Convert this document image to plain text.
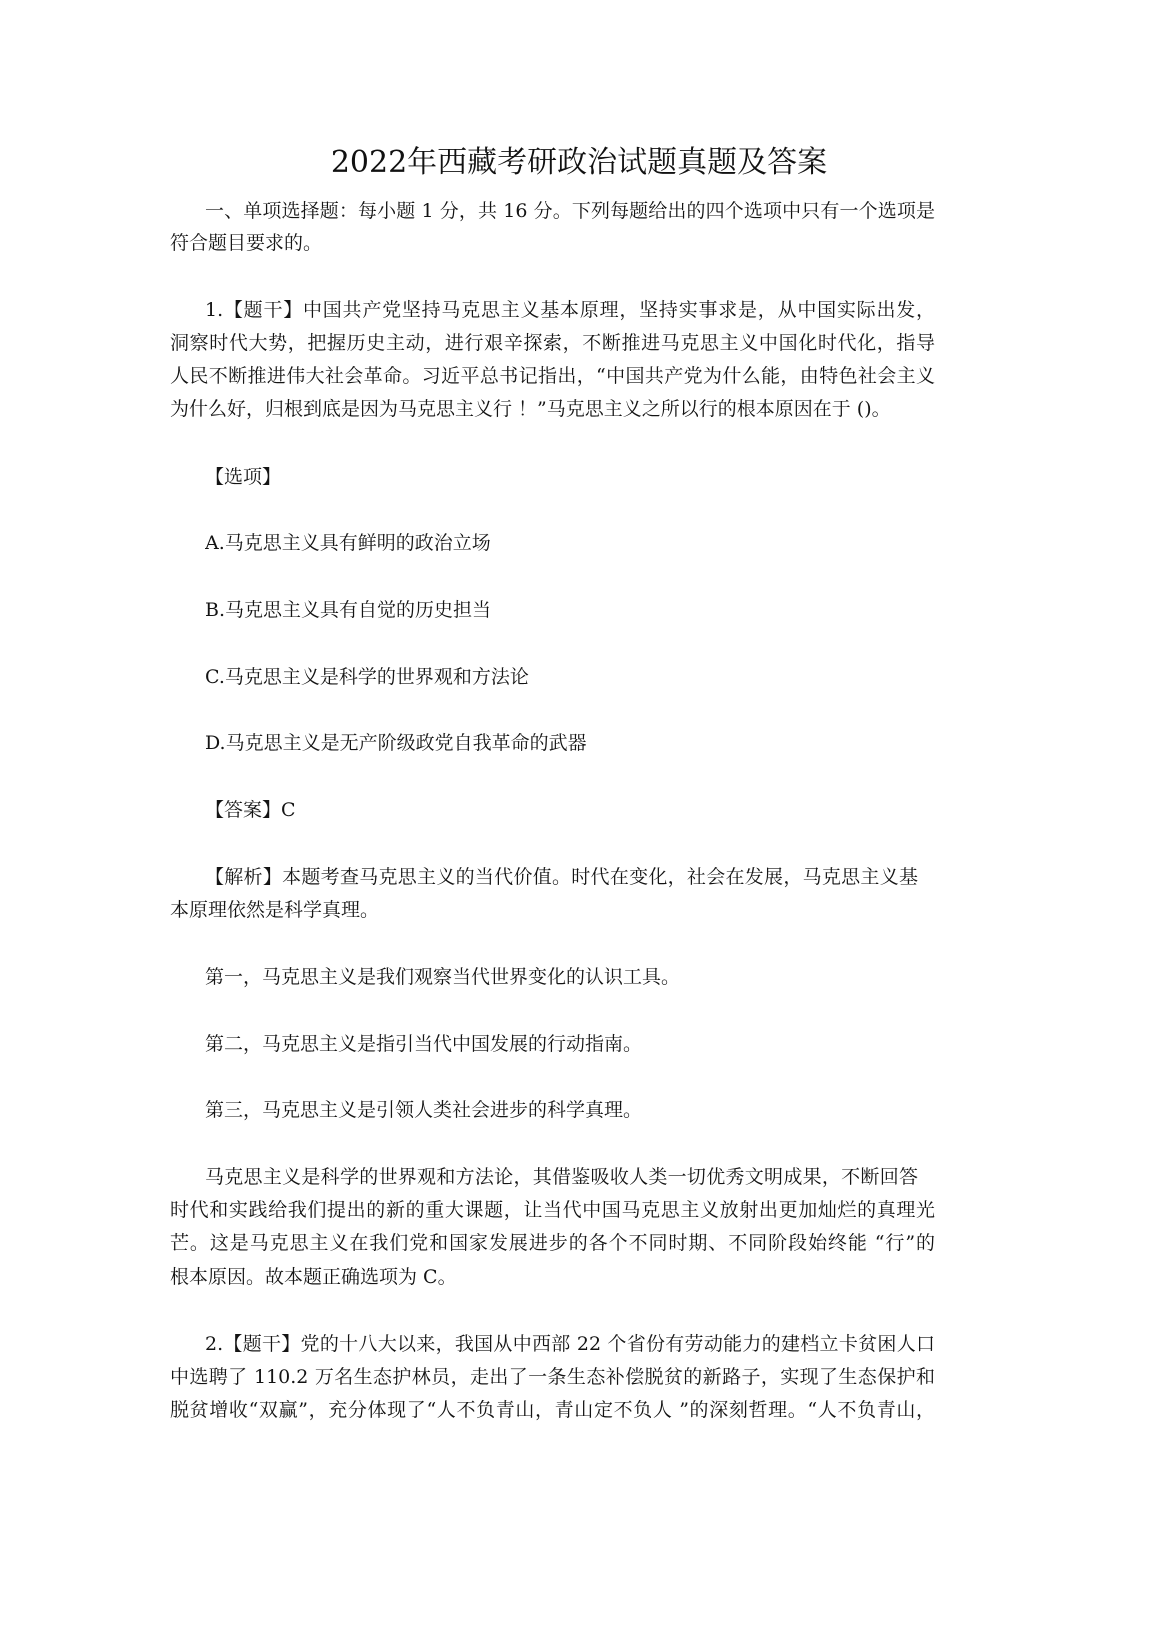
2022年西藏考研政治试题真题及答案
一、单项选择题：每小题 1 分，共 16 分。下列每题给出的四个选项中只有一个选项是
符合题目要求的。
1.【题干】中国共产党坚持马克思主义基本原理，坚持实事求是，从中国实际出发，
洞察时代大势，把握历史主动，进行艰辛探索，不断推进马克思主义中国化时代化，指导
人民不断推进伟大社会革命。习近平总书记指出，“中国共产党为什么能，由特色社会主义
为什么好，归根到底是因为马克思主义行 ！”马克思主义之所以行的根本原因在于 ()。
【选项】
A.马克思主义具有鲜明的政治立场
B.马克思主义具有自觉的历史担当
C.马克思主义是科学的世界观和方法论
D.马克思主义是无产阶级政党自我革命的武器
【答案】C
【解析】本题考查马克思主义的当代价值。时代在变化，社会在发展，马克思主义基
本原理依然是科学真理。
第一，马克思主义是我们观察当代世界变化的认识工具。
第二，马克思主义是指引当代中国发展的行动指南。
第三，马克思主义是引领人类社会进步的科学真理。
马克思主义是科学的世界观和方法论，其借鉴吸收人类一切优秀文明成果，不断回答
时代和实践给我们提出的新的重大课题，让当代中国马克思主义放射出更加灿烂的真理光
芒。这是马克思主义在我们党和国家发展进步的各个不同时期、不同阶段始终能 “行”的
根本原因。故本题正确选项为 C。
2.【题干】党的十八大以来，我国从中西部 22 个省份有劳动能力的建档立卡贫困人口
中选聘了 110.2 万名生态护林员，走出了一条生态补偿脱贫的新路子，实现了生态保护和
脱贫增收“双赢”，充分体现了“人不负青山，青山定不负人 ”的深刻哲理。“人不负青山，
